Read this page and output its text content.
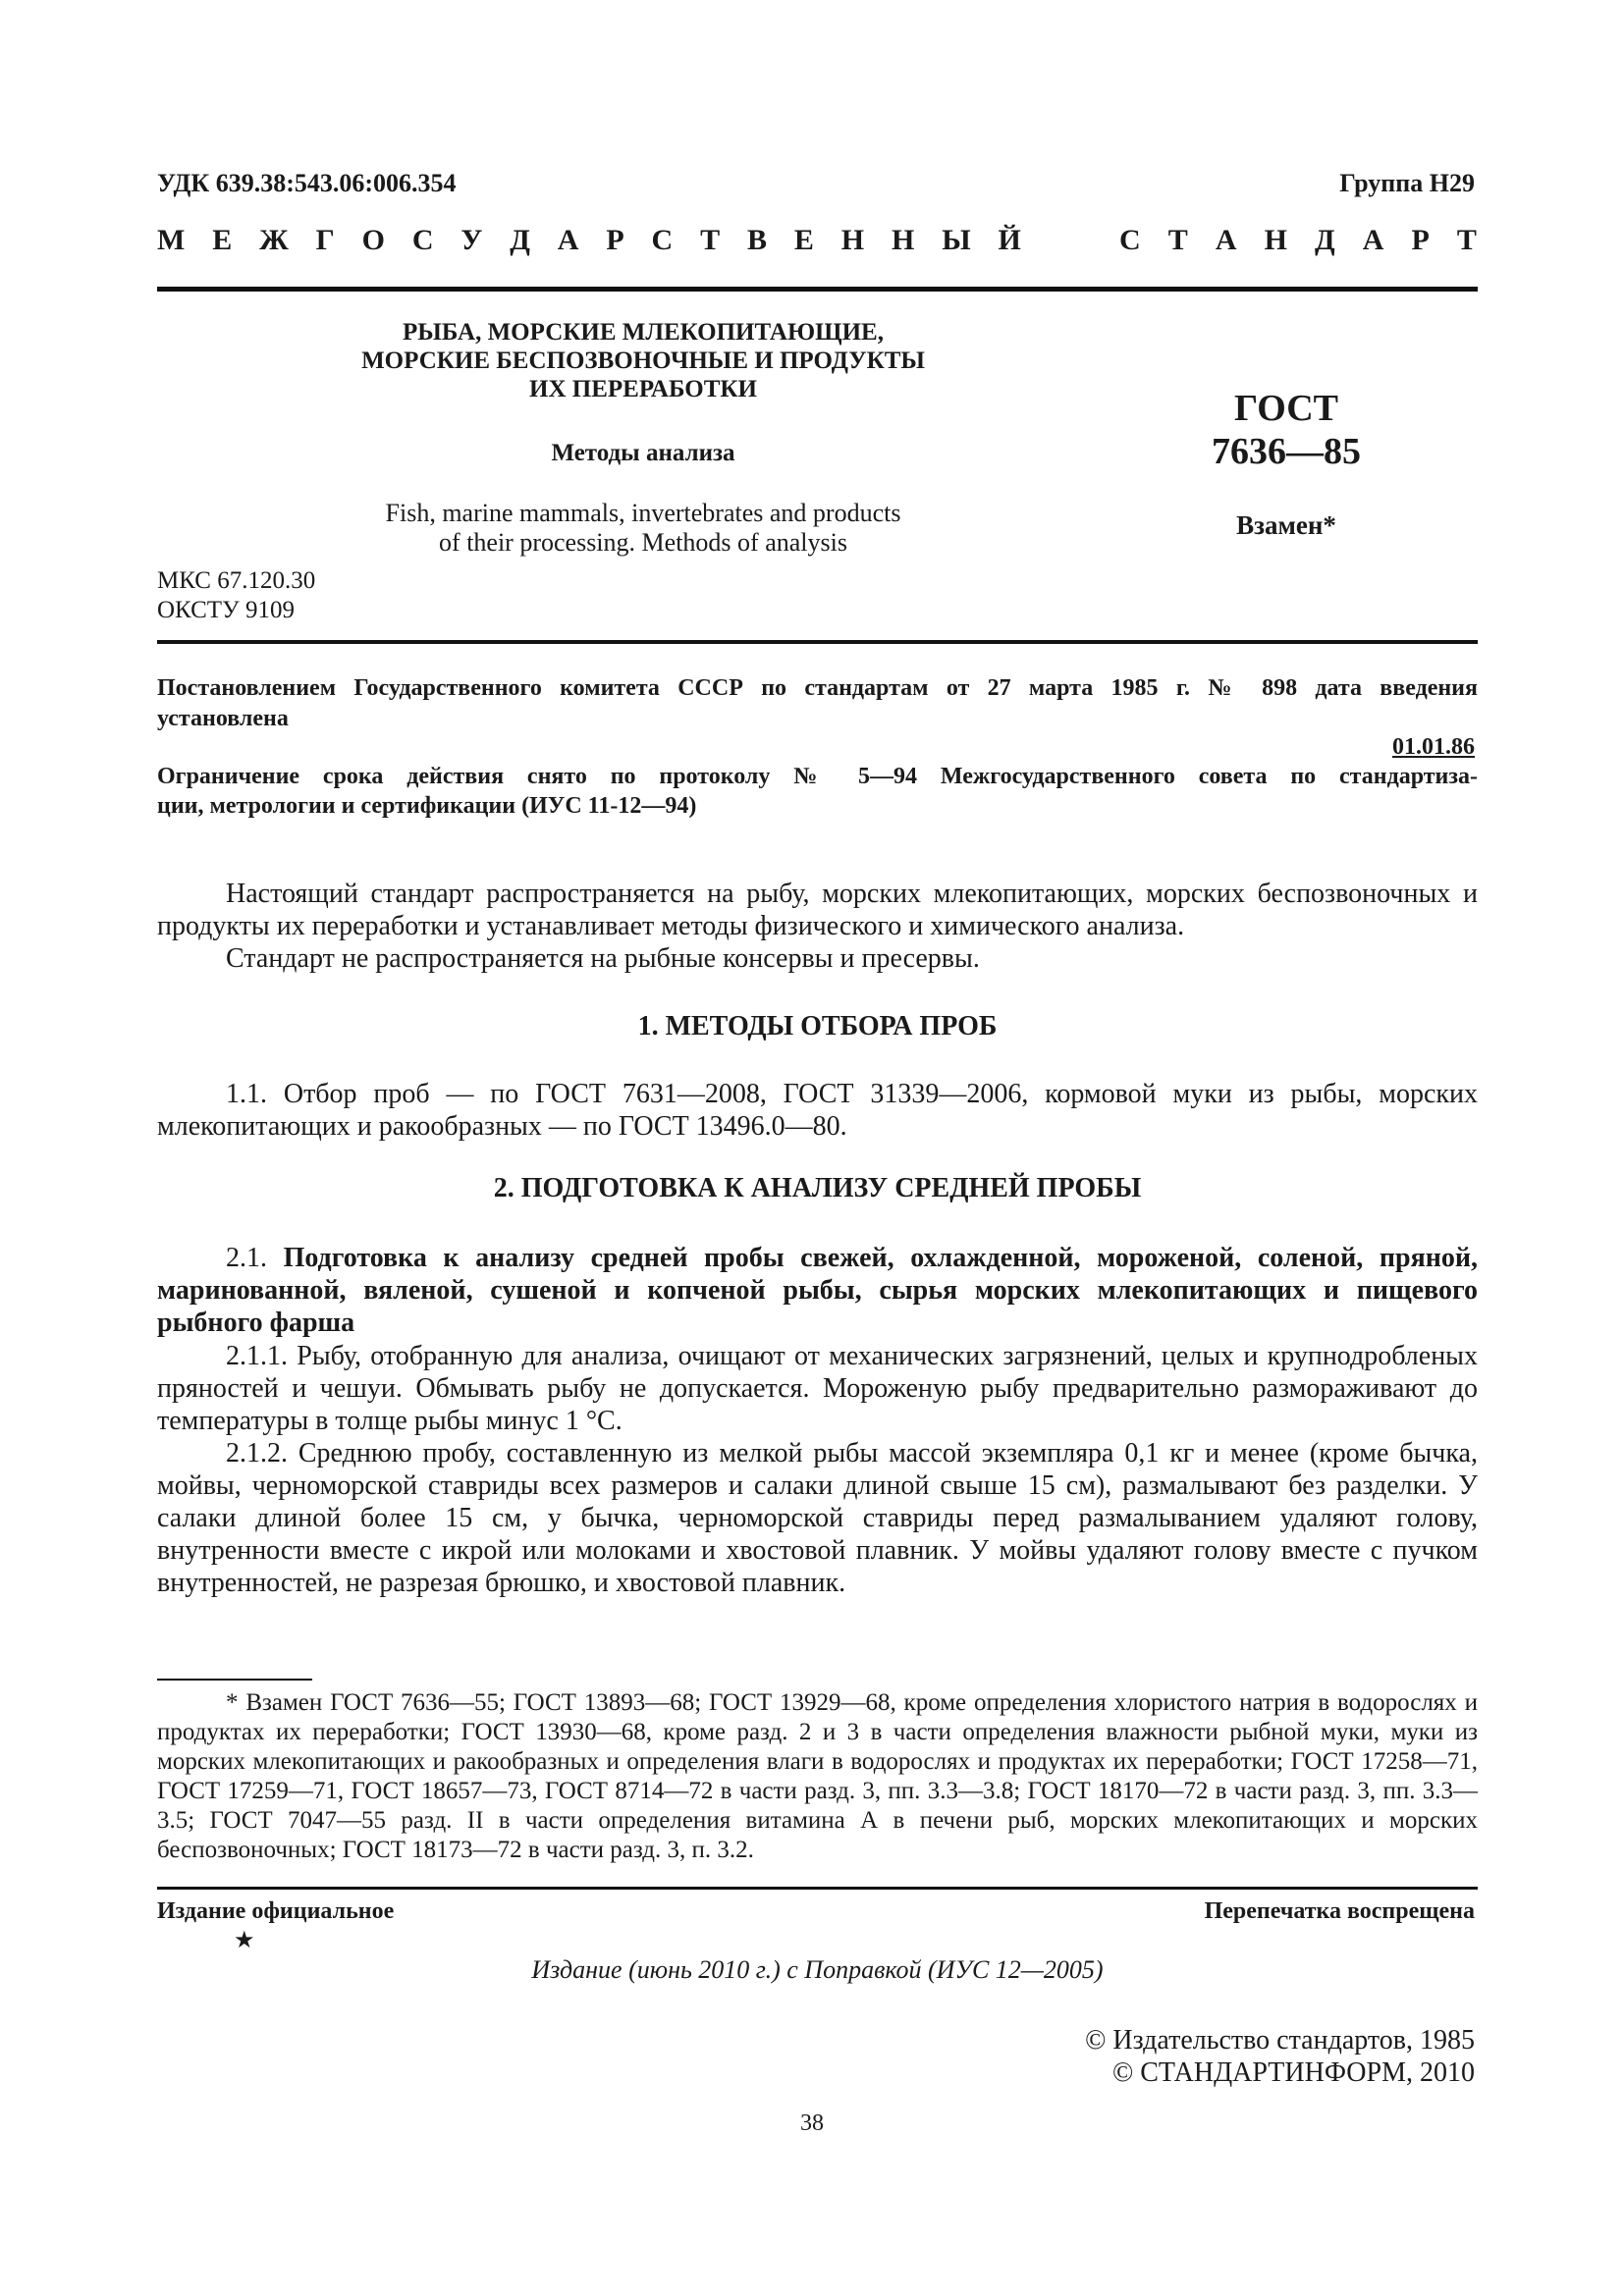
УДК 639.38:543.06:006.354	Группа Н29
М Е Ж Г О С У Д А Р С Т В Е Н Н Ы Й	С Т А Н Д А Р Т
РЫБА, МОРСКИЕ МЛЕКОПИТАЮЩИЕ,
МОРСКИЕ БЕСПОЗВОНОЧНЫЕ И ПРОДУКТЫ
ИХ ПЕРЕРАБОТКИ
Методы анализа
Fish, marine mammals, invertebrates and products
of their processing. Methods of analysis
ГОСТ
7636—85
Взамен*
МКС 67.120.30
ОКСТУ 9109
Постановлением Государственного комитета СССР по стандартам от 27 марта 1985 г. № 898 дата введения
установлена
01.01.86
Ограничение срока действия снято по протоколу № 5—94 Межгосударственного совета по стандартиза-
ции, метрологии и сертификации (ИУС 11-12—94)
Настоящий стандарт распространяется на рыбу, морских млекопитающих, морских беспозвоночных и продукты их переработки и устанавливает методы физического и химического анализа.
Стандарт не распространяется на рыбные консервы и пресервы.
1. МЕТОДЫ ОТБОРА ПРОБ
1.1. Отбор проб — по ГОСТ 7631—2008, ГОСТ 31339—2006, кормовой муки из рыбы, морских млекопитающих и ракообразных — по ГОСТ 13496.0—80.
2. ПОДГОТОВКА К АНАЛИЗУ СРЕДНЕЙ ПРОБЫ
2.1. Подготовка к анализу средней пробы свежей, охлажденной, мороженой, соленой, пряной, маринованной, вяленой, сушеной и копченой рыбы, сырья морских млекопитающих и пищевого рыбного фарша
2.1.1. Рыбу, отобранную для анализа, очищают от механических загрязнений, целых и крупнодробленых пряностей и чешуи. Обмывать рыбу не допускается. Мороженую рыбу предварительно размораживают до температуры в толще рыбы минус 1 °С.
2.1.2. Среднюю пробу, составленную из мелкой рыбы массой экземпляра 0,1 кг и менее (кроме бычка, мойвы, черноморской ставриды всех размеров и салаки длиной свыше 15 см), размалывают без разделки. У салаки длиной более 15 см, у бычка, черноморской ставриды перед размалыванием удаляют голову, внутренности вместе с икрой или молоками и хвостовой плавник. У мойвы удаляют голову вместе с пучком внутренностей, не разрезая брюшко, и хвостовой плавник.
* Взамен ГОСТ 7636—55; ГОСТ 13893—68; ГОСТ 13929—68, кроме определения хлористого натрия в водорослях и продуктах их переработки; ГОСТ 13930—68, кроме разд. 2 и 3 в части определения влажности рыбной муки, муки из морских млекопитающих и ракообразных и определения влаги в водорослях и продуктах их переработки; ГОСТ 17258—71, ГОСТ 17259—71, ГОСТ 18657—73, ГОСТ 8714—72 в части разд. 3, пп. 3.3—3.8; ГОСТ 18170—72 в части разд. 3, пп. 3.3—3.5; ГОСТ 7047—55 разд. II в части определения витамина А в печени рыб, морских млекопитающих и морских беспозвоночных; ГОСТ 18173—72 в части разд. 3, п. 3.2.
Издание официальное	Перепечатка воспрещена
★
Издание (июнь 2010 г.) с Поправкой (ИУС 12—2005)
© Издательство стандартов, 1985
© СТАНДАРТИНФОРМ, 2010
38
